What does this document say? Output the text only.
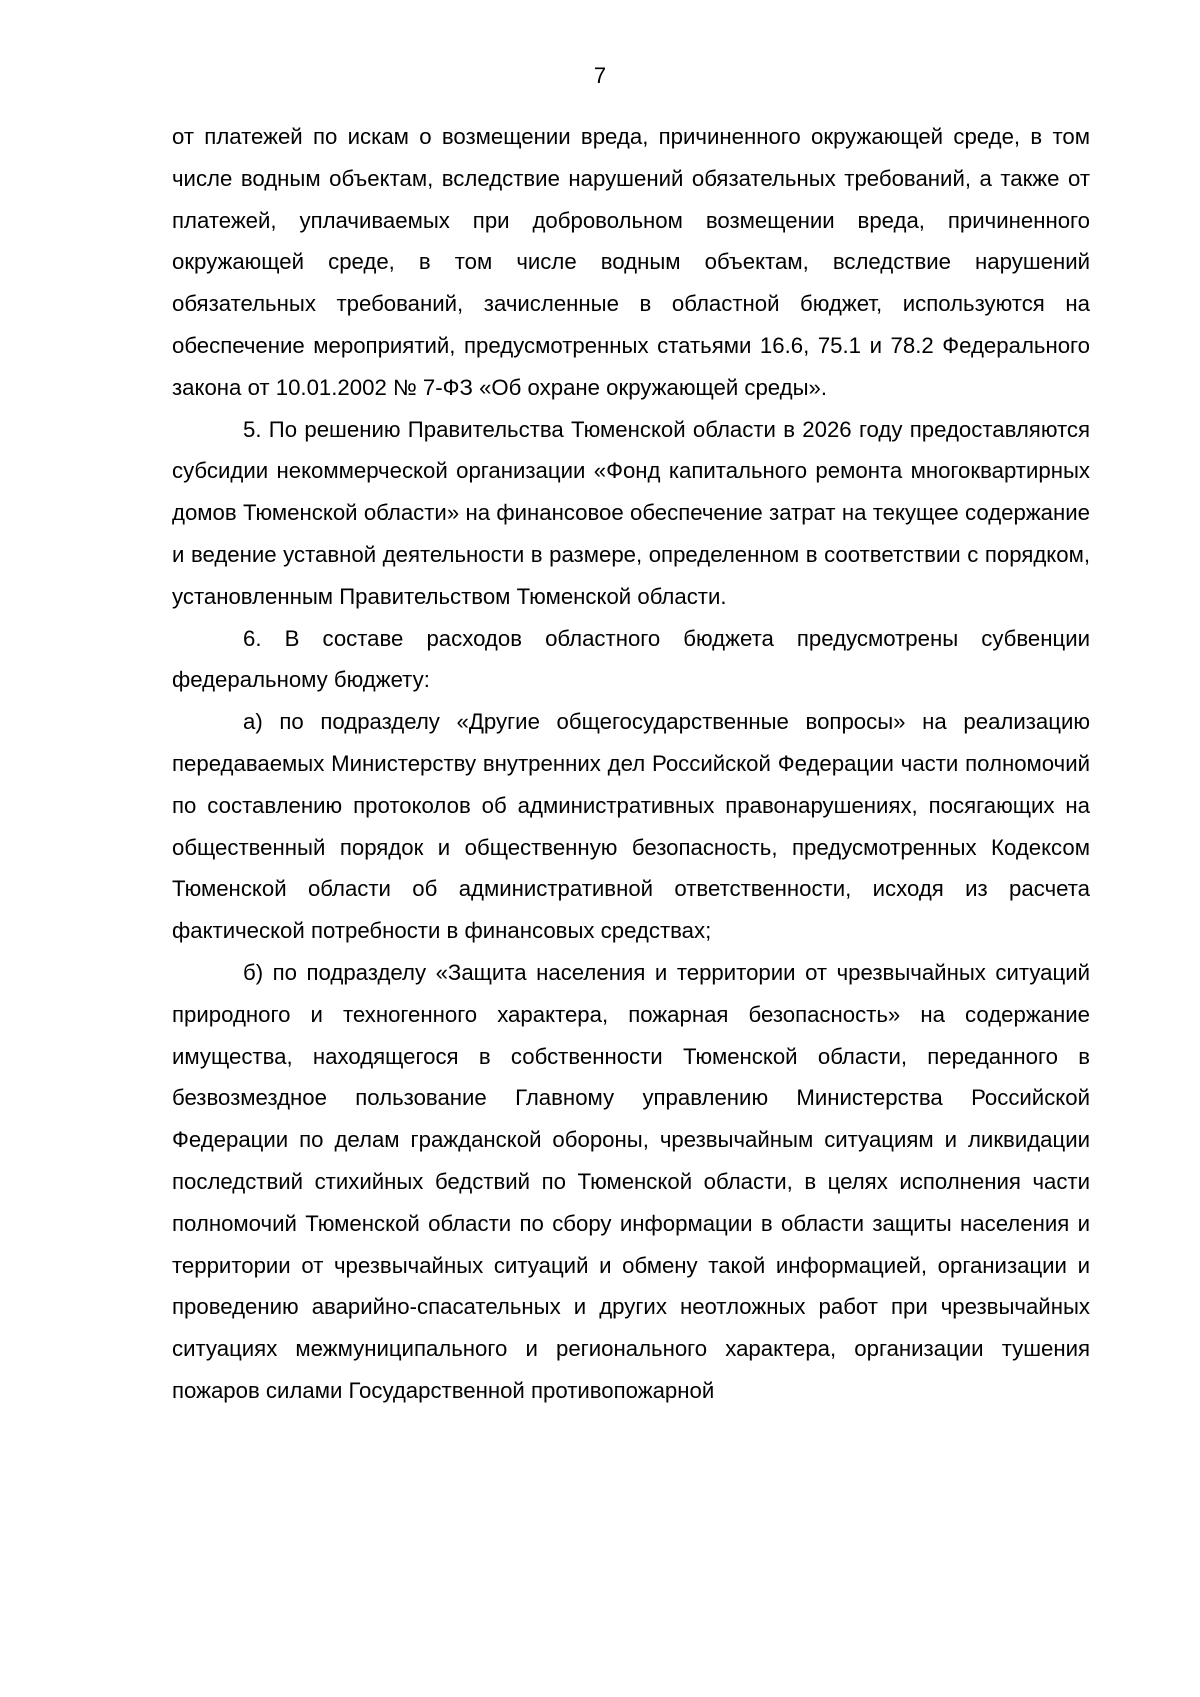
7

от платежей по искам о возмещении вреда, причиненного окружающей среде, в том числе водным объектам, вследствие нарушений обязательных требований, а также от платежей, уплачиваемых при добровольном возмещении вреда, причиненного окружающей среде, в том числе водным объектам, вследствие нарушений обязательных требований, зачисленные в областной бюджет, используются на обеспечение мероприятий, предусмотренных статьями 16.6, 75.1 и 78.2 Федерального закона от 10.01.2002 № 7-ФЗ «Об охране окружающей среды».

5. По решению Правительства Тюменской области в 2026 году предоставляются субсидии некоммерческой организации «Фонд капитального ремонта многоквартирных домов Тюменской области» на финансовое обеспечение затрат на текущее содержание и ведение уставной деятельности в размере, определенном в соответствии с порядком, установленным Правительством Тюменской области.

6. В составе расходов областного бюджета предусмотрены субвенции федеральному бюджету:

а) по подразделу «Другие общегосударственные вопросы» на реализацию передаваемых Министерству внутренних дел Российской Федерации части полномочий по составлению протоколов об административных правонарушениях, посягающих на общественный порядок и общественную безопасность, предусмотренных Кодексом Тюменской области об административной ответственности, исходя из расчета фактической потребности в финансовых средствах;

б) по подразделу «Защита населения и территории от чрезвычайных ситуаций природного и техногенного характера, пожарная безопасность» на содержание имущества, находящегося в собственности Тюменской области, переданного в безвозмездное пользование Главному управлению Министерства Российской Федерации по делам гражданской обороны, чрезвычайным ситуациям и ликвидации последствий стихийных бедствий по Тюменской области, в целях исполнения части полномочий Тюменской области по сбору информации в области защиты населения и территории от чрезвычайных ситуаций и обмену такой информацией, организации и проведению аварийно-спасательных и других неотложных работ при чрезвычайных ситуациях межмуниципального и регионального характера, организации тушения пожаров силами Государственной противопожарной
